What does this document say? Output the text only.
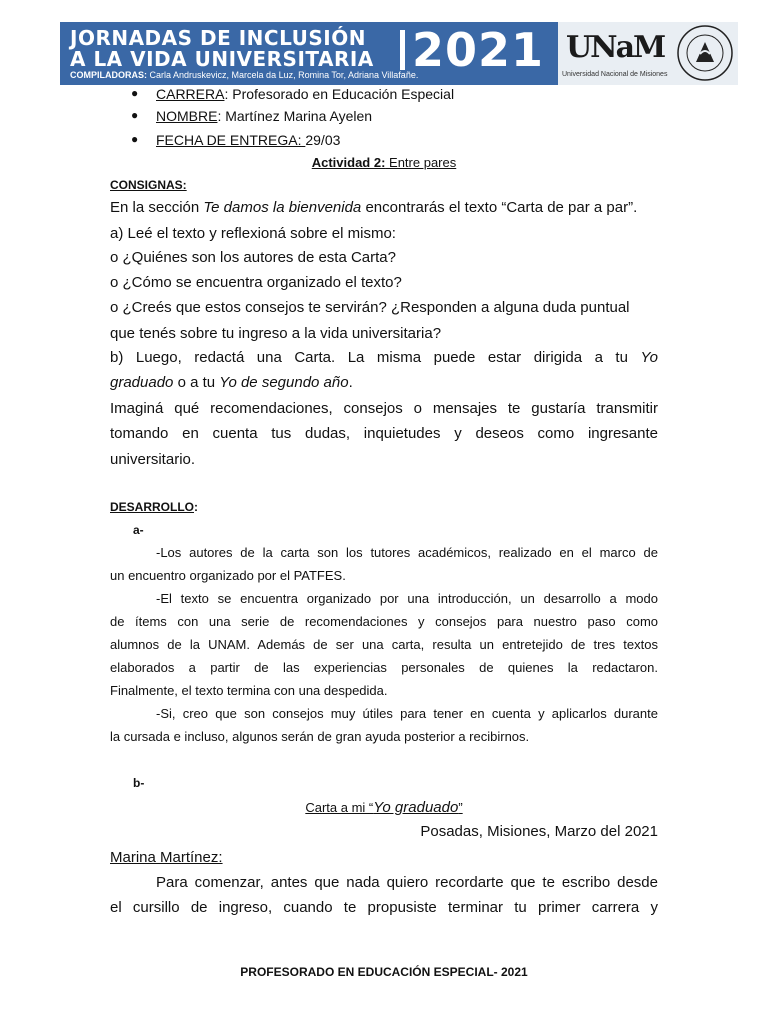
JORNADAS DE INCLUSIÓN
A LA VIDA UNIVERSITARIA 2021
COMPILADORAS: Carla Andruskevicz, Marcela da Luz, Romina Tor, Adriana Villafañe.
UNaM
Universidad Nacional de Misiones
● CARRERA: Profesorado en Educación Especial
● NOMBRE: Martínez Marina Ayelen
● FECHA DE ENTREGA: 29/03
Actividad 2: Entre pares
CONSIGNAS:
En la sección Te damos la bienvenida encontrarás el texto “Carta de par a par”.
a) Leé el texto y reflexioná sobre el mismo:
o ¿Quiénes son los autores de esta Carta?
o ¿Cómo se encuentra organizado el texto?
o ¿Creés que estos consejos te servirán? ¿Responden a alguna duda puntual
que tenés sobre tu ingreso a la vida universitaria?
b) Luego, redactá una Carta. La misma puede estar dirigida a tu Yo
graduado o a tu Yo de segundo año.
Imaginá qué recomendaciones, consejos o mensajes te gustaría transmitir
tomando en cuenta tus dudas, inquietudes y deseos como ingresante
universitario.
DESARROLLO:
a-
-Los autores de la carta son los tutores académicos, realizado en el marco de
un encuentro organizado por el PATFES.
-El texto se encuentra organizado por una introducción, un desarrollo a modo
de ítems con una serie de recomendaciones y consejos para nuestro paso como
alumnos de la UNAM. Además de ser una carta, resulta un entretejido de tres textos
elaborados a partir de las experiencias personales de quienes la redactaron.
Finalmente, el texto termina con una despedida.
-Si, creo que son consejos muy útiles para tener en cuenta y aplicarlos durante
la cursada e incluso, algunos serán de gran ayuda posterior a recibirnos.
b-
Carta a mi “Yo graduado”
Posadas, Misiones, Marzo del 2021
Marina Martínez:
Para comenzar, antes que nada quiero recordarte que te escribo desde
el cursillo de ingreso, cuando te propusiste terminar tu primer carrera y
PROFESORADO EN EDUCACIÓN ESPECIAL- 2021
